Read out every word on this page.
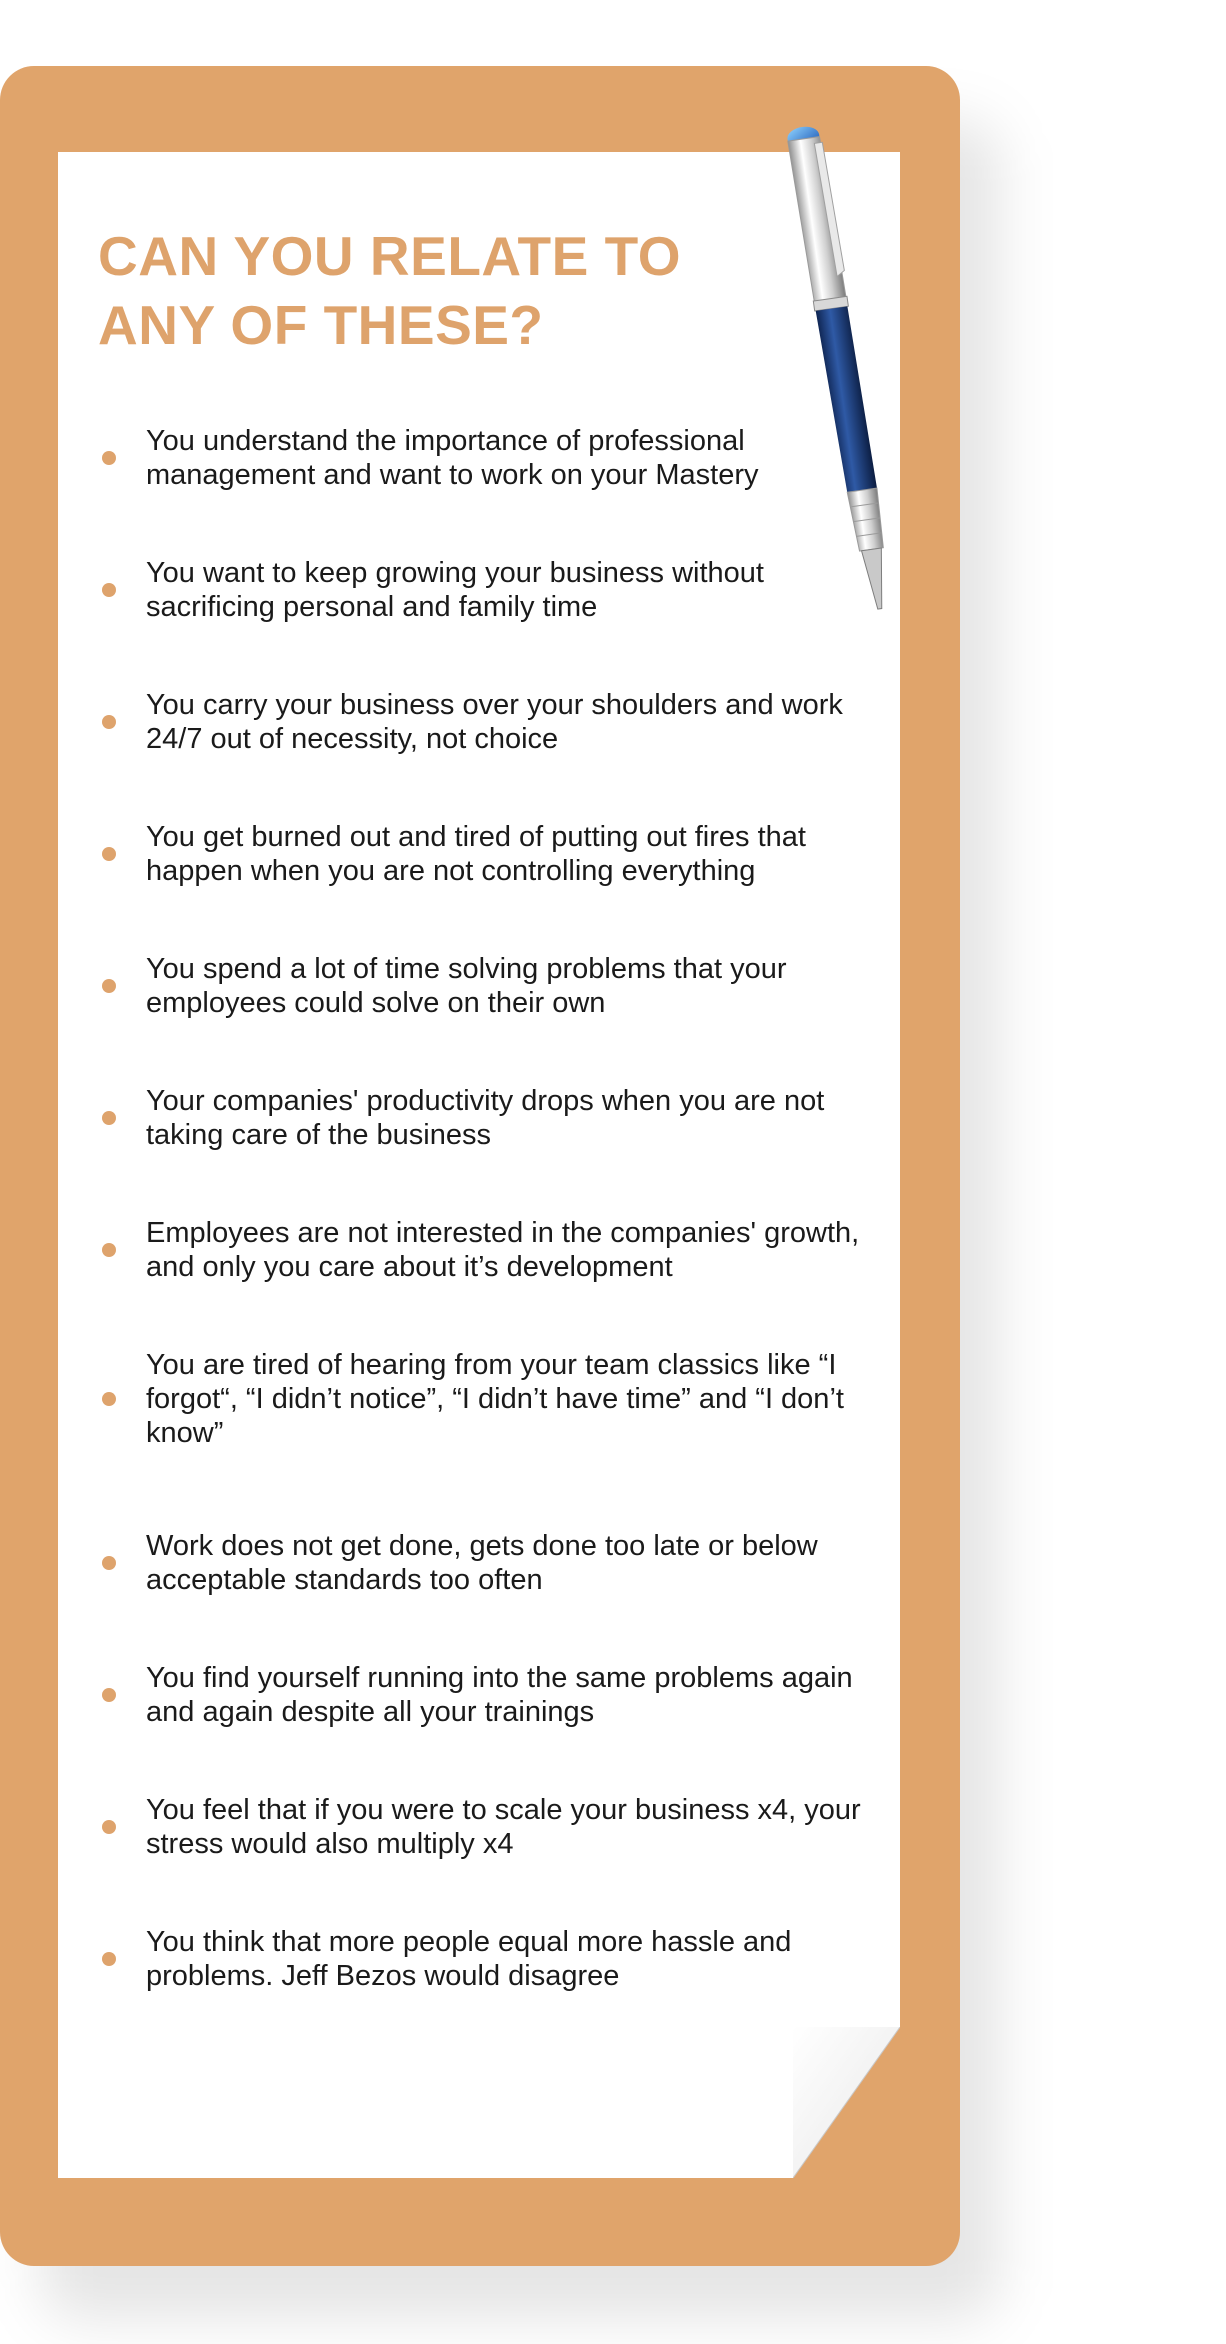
CAN YOU RELATE TO ANY OF THESE?
You understand the importance of professional management and want to work on your Mastery
You want to keep growing your business without sacrificing personal and family time
You carry your business over your shoulders and work 24/7 out of necessity, not choice
You get burned out and tired of putting out fires that happen when you are not controlling everything
You spend a lot of time solving problems that your employees could solve on their own
Your companies' productivity drops when you are not taking care of the business
Employees are not interested in the companies' growth, and only you care about it’s development
You are tired of hearing from your team classics like “I forgot“, “I didn’t notice”, “I didn’t have time” and “I don’t know”
Work does not get done, gets done too late or below acceptable standards too often
You find yourself running into the same problems again and again despite all your trainings
You feel that if you were to scale your business x4, your stress would also multiply x4
You think that more people equal more hassle and problems. Jeff Bezos would disagree
